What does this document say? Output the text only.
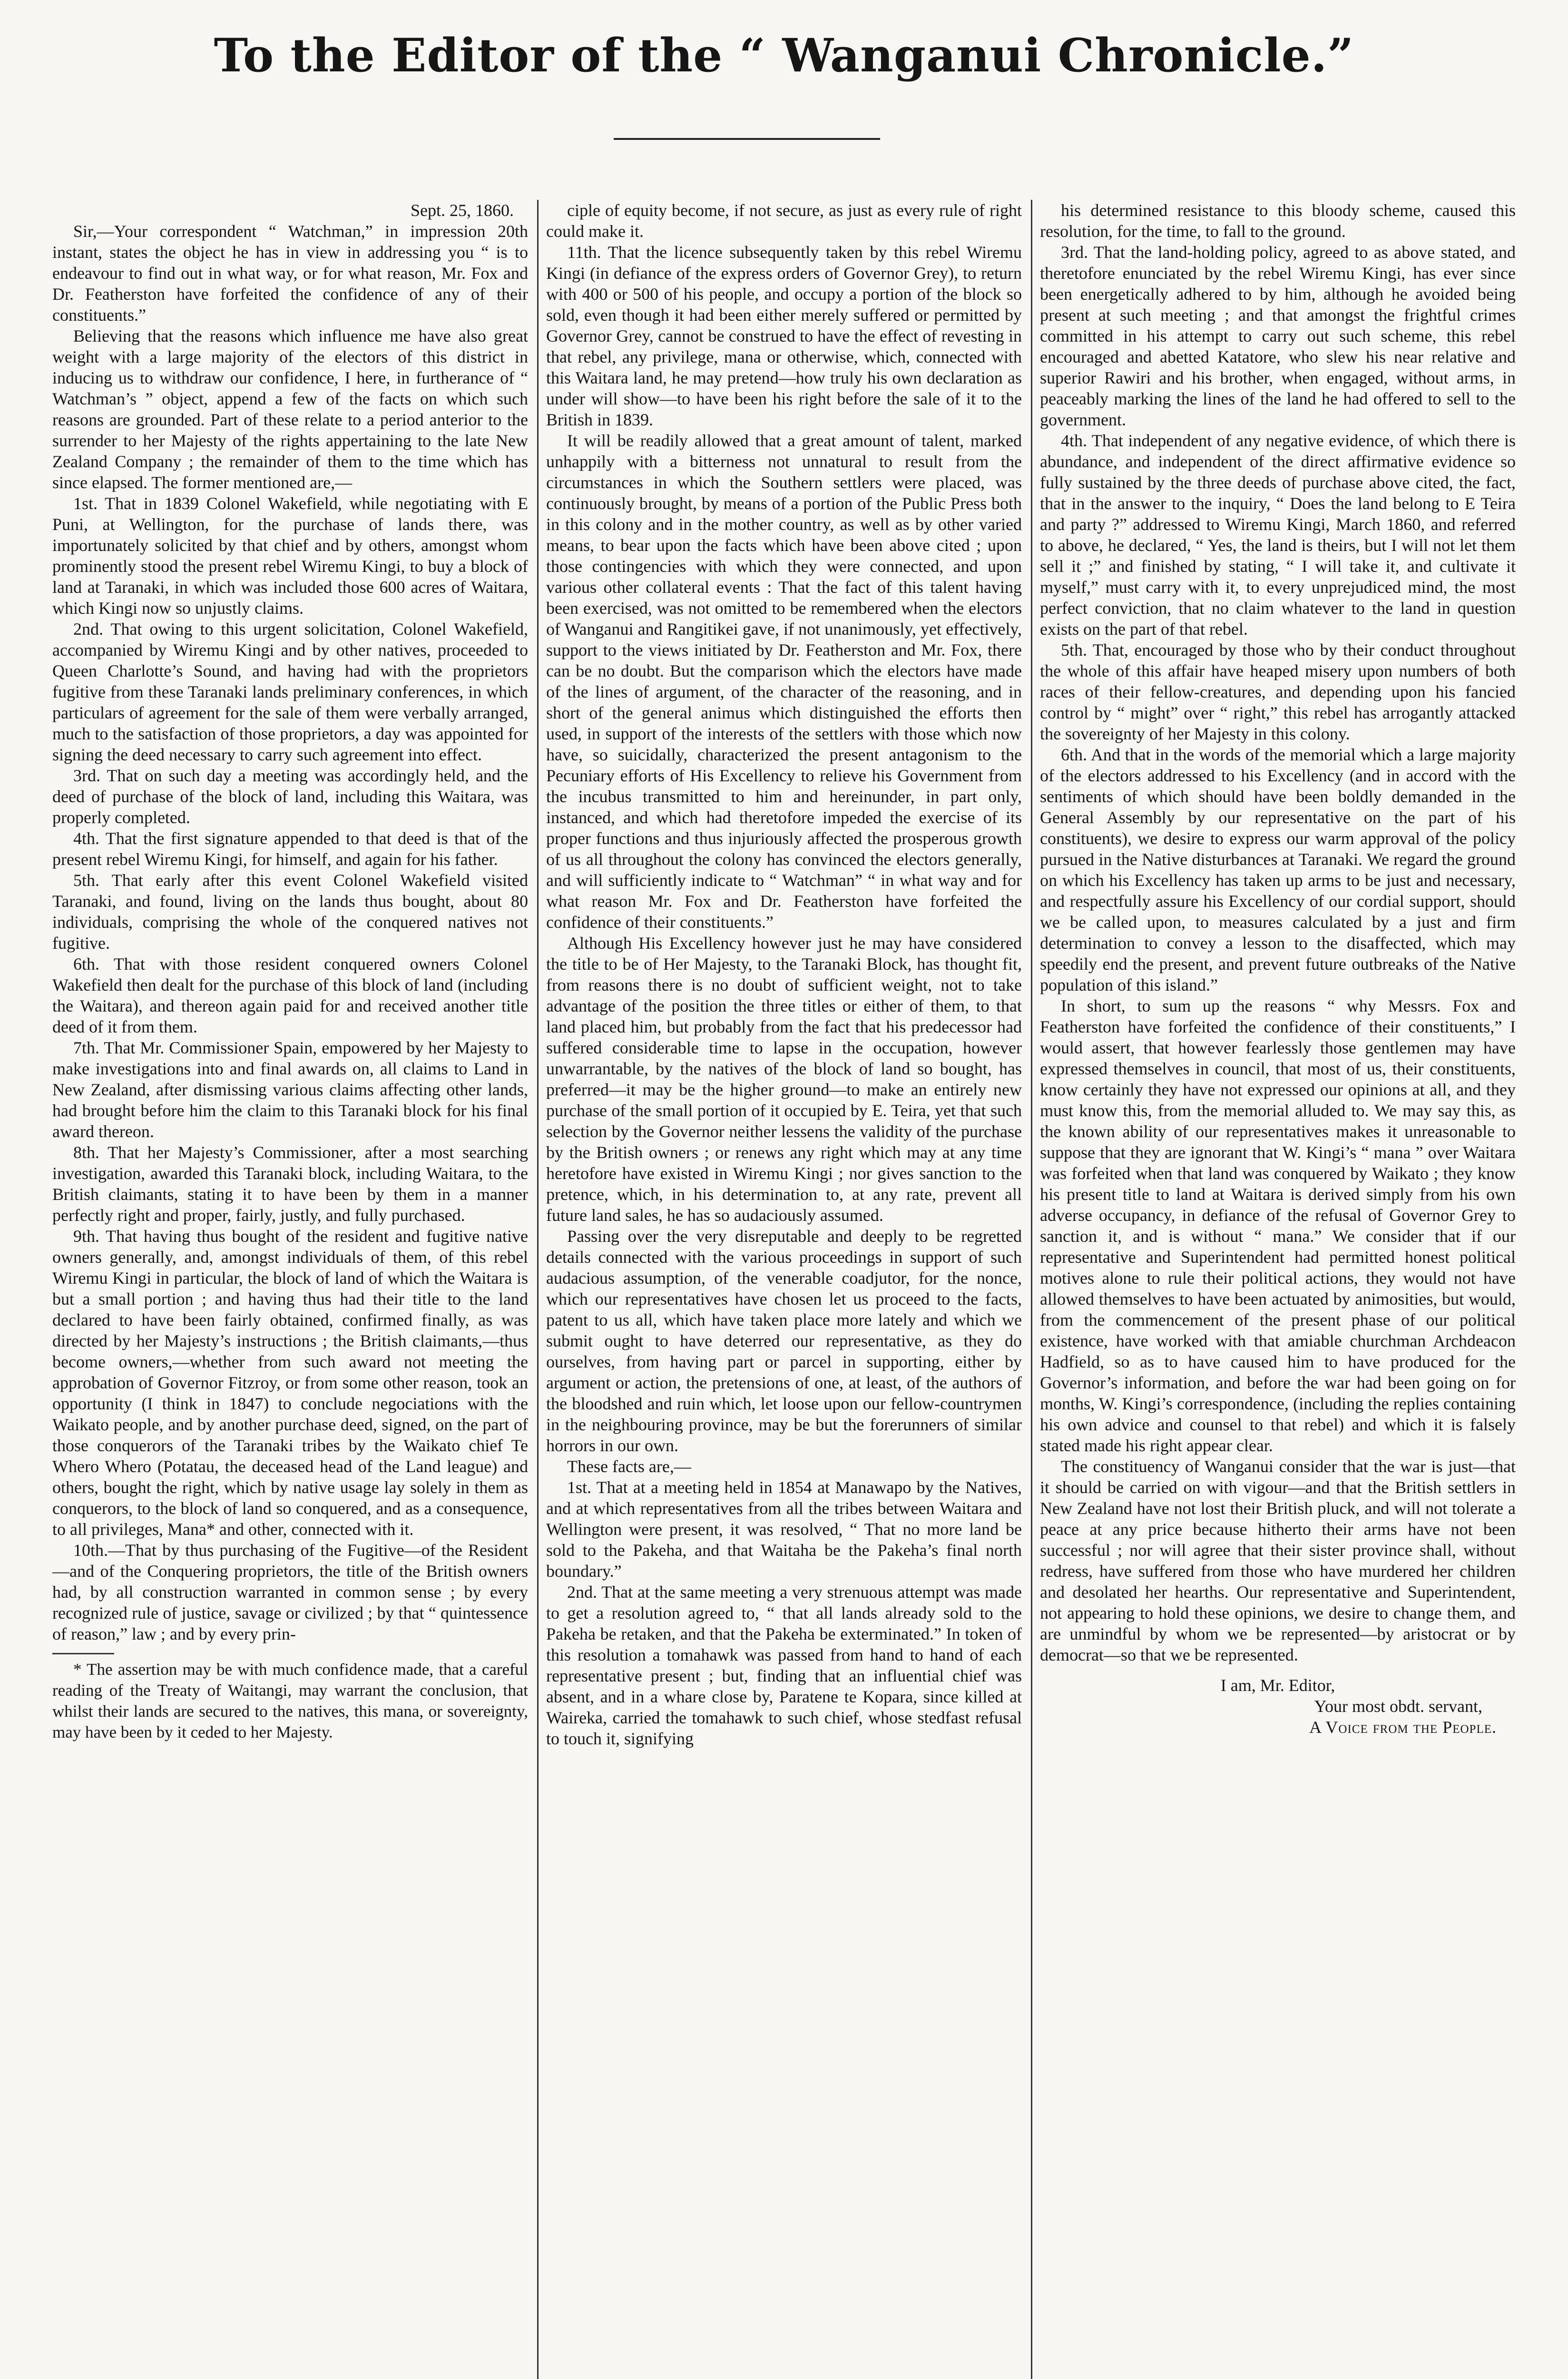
To the Editor of the “ Wanganui Chronicle.”

Sept. 25, 1860.

Sir,—Your correspondent “ Watchman,” in impression 20th instant, states the object he has in view in addressing you “ is to endeavour to find out in what way, or for what reason, Mr. Fox and Dr. Featherston have forfeited the confidence of any of their constituents.”

Believing that the reasons which influence me have also great weight with a large majority of the electors of this district in inducing us to withdraw our confidence, I here, in furtherance of “ Watchman’s ” object, append a few of the facts on which such reasons are grounded. Part of these relate to a period anterior to the surrender to her Majesty of the rights appertaining to the late New Zealand Company ; the remainder of them to the time which has since elapsed. The former mentioned are,—

1st. That in 1839 Colonel Wakefield, while negotiating with E Puni, at Wellington, for the purchase of lands there, was importunately solicited by that chief and by others, amongst whom prominently stood the present rebel Wiremu Kingi, to buy a block of land at Taranaki, in which was included those 600 acres of Waitara, which Kingi now so unjustly claims.

2nd. That owing to this urgent solicitation, Colonel Wakefield, accompanied by Wiremu Kingi and by other natives, proceeded to Queen Charlotte’s Sound, and having had with the proprietors fugitive from these Taranaki lands preliminary conferences, in which particulars of agreement for the sale of them were verbally arranged, much to the satisfaction of those proprietors, a day was appointed for signing the deed necessary to carry such agreement into effect.

3rd. That on such day a meeting was accordingly held, and the deed of purchase of the block of land, including this Waitara, was properly completed.

4th. That the first signature appended to that deed is that of the present rebel Wiremu Kingi, for himself, and again for his father.

5th. That early after this event Colonel Wakefield visited Taranaki, and found, living on the lands thus bought, about 80 individuals, comprising the whole of the conquered natives not fugitive.

6th. That with those resident conquered owners Colonel Wakefield then dealt for the purchase of this block of land (including the Waitara), and thereon again paid for and received another title deed of it from them.

7th. That Mr. Commissioner Spain, empowered by her Majesty to make investigations into and final awards on, all claims to Land in New Zealand, after dismissing various claims affecting other lands, had brought before him the claim to this Taranaki block for his final award thereon.

8th. That her Majesty’s Commissioner, after a most searching investigation, awarded this Taranaki block, including Waitara, to the British claimants, stating it to have been by them in a manner perfectly right and proper, fairly, justly, and fully purchased.

9th. That having thus bought of the resident and fugitive native owners generally, and, amongst individuals of them, of this rebel Wiremu Kingi in particular, the block of land of which the Waitara is but a small portion ; and having thus had their title to the land declared to have been fairly obtained, confirmed finally, as was directed by her Majesty’s instructions ; the British claimants,—thus become owners,—whether from such award not meeting the approbation of Governor Fitzroy, or from some other reason, took an opportunity (I think in 1847) to conclude negociations with the Waikato people, and by another purchase deed, signed, on the part of those conquerors of the Taranaki tribes by the Waikato chief Te Whero Whero (Potatau, the deceased head of the Land league) and others, bought the right, which by native usage lay solely in them as conquerors, to the block of land so conquered, and as a consequence, to all privileges, Mana* and other, connected with it.

10th.—That by thus purchasing of the Fugitive—of the Resident—and of the Conquering proprietors, the title of the British owners had, by all construction warranted in common sense ; by every recognized rule of justice, savage or civilized ; by that “ quintessence of reason,” law ; and by every prin-

* The assertion may be with much confidence made, that a careful reading of the Treaty of Waitangi, may warrant the conclusion, that whilst their lands are secured to the natives, this mana, or sovereignty, may have been by it ceded to her Majesty.

ciple of equity become, if not secure, as just as every rule of right could make it.

11th. That the licence subsequently taken by this rebel Wiremu Kingi (in defiance of the express orders of Governor Grey), to return with 400 or 500 of his people, and occupy a portion of the block so sold, even though it had been either merely suffered or permitted by Governor Grey, cannot be construed to have the effect of revesting in that rebel, any privilege, mana or otherwise, which, connected with this Waitara land, he may pretend—how truly his own declaration as under will show—to have been his right before the sale of it to the British in 1839.

It will be readily allowed that a great amount of talent, marked unhappily with a bitterness not unnatural to result from the circumstances in which the Southern settlers were placed, was continuously brought, by means of a portion of the Public Press both in this colony and in the mother country, as well as by other varied means, to bear upon the facts which have been above cited ; upon those contingencies with which they were connected, and upon various other collateral events : That the fact of this talent having been exercised, was not omitted to be remembered when the electors of Wanganui and Rangitikei gave, if not unanimously, yet effectively, support to the views initiated by Dr. Featherston and Mr. Fox, there can be no doubt. But the comparison which the electors have made of the lines of argument, of the character of the reasoning, and in short of the general animus which distinguished the efforts then used, in support of the interests of the settlers with those which now have, so suicidally, characterized the present antagonism to the Pecuniary efforts of His Excellency to relieve his Government from the incubus transmitted to him and hereinunder, in part only, instanced, and which had theretofore impeded the exercise of its proper functions and thus injuriously affected the prosperous growth of us all throughout the colony has convinced the electors generally, and will sufficiently indicate to “ Watchman” “ in what way and for what reason Mr. Fox and Dr. Featherston have forfeited the confidence of their constituents.”

Although His Excellency however just he may have considered the title to be of Her Majesty, to the Taranaki Block, has thought fit, from reasons there is no doubt of sufficient weight, not to take advantage of the position the three titles or either of them, to that land placed him, but probably from the fact that his predecessor had suffered considerable time to lapse in the occupation, however unwarrantable, by the natives of the block of land so bought, has preferred—it may be the higher ground—to make an entirely new purchase of the small portion of it occupied by E. Teira, yet that such selection by the Governor neither lessens the validity of the purchase by the British owners ; or renews any right which may at any time heretofore have existed in Wiremu Kingi ; nor gives sanction to the pretence, which, in his determination to, at any rate, prevent all future land sales, he has so audaciously assumed.

Passing over the very disreputable and deeply to be regretted details connected with the various proceedings in support of such audacious assumption, of the venerable coadjutor, for the nonce, which our representatives have chosen let us proceed to the facts, patent to us all, which have taken place more lately and which we submit ought to have deterred our representative, as they do ourselves, from having part or parcel in supporting, either by argument or action, the pretensions of one, at least, of the authors of the bloodshed and ruin which, let loose upon our fellow-countrymen in the neighbouring province, may be but the forerunners of similar horrors in our own.

These facts are,—

1st. That at a meeting held in 1854 at Manawapo by the Natives, and at which representatives from all the tribes between Waitara and Wellington were present, it was resolved, “ That no more land be sold to the Pakeha, and that Waitaha be the Pakeha’s final north boundary.”

2nd. That at the same meeting a very strenuous attempt was made to get a resolution agreed to, “ that all lands already sold to the Pakeha be retaken, and that the Pakeha be exterminated.” In token of this resolution a tomahawk was passed from hand to hand of each representative present ; but, finding that an influential chief was absent, and in a whare close by, Paratene te Kopara, since killed at Waireka, carried the tomahawk to such chief, whose stedfast refusal to touch it, signifying

his determined resistance to this bloody scheme, caused this resolution, for the time, to fall to the ground.

3rd. That the land-holding policy, agreed to as above stated, and theretofore enunciated by the rebel Wiremu Kingi, has ever since been energetically adhered to by him, although he avoided being present at such meeting ; and that amongst the frightful crimes committed in his attempt to carry out such scheme, this rebel encouraged and abetted Katatore, who slew his near relative and superior Rawiri and his brother, when engaged, without arms, in peaceably marking the lines of the land he had offered to sell to the government.

4th. That independent of any negative evidence, of which there is abundance, and independent of the direct affirmative evidence so fully sustained by the three deeds of purchase above cited, the fact, that in the answer to the inquiry, “ Does the land belong to E Teira and party ?” addressed to Wiremu Kingi, March 1860, and referred to above, he declared, “ Yes, the land is theirs, but I will not let them sell it ;” and finished by stating, “ I will take it, and cultivate it myself,” must carry with it, to every unprejudiced mind, the most perfect conviction, that no claim whatever to the land in question exists on the part of that rebel.

5th. That, encouraged by those who by their conduct throughout the whole of this affair have heaped misery upon numbers of both races of their fellow-creatures, and depending upon his fancied control by “ might” over “ right,” this rebel has arrogantly attacked the sovereignty of her Majesty in this colony.

6th. And that in the words of the memorial which a large majority of the electors addressed to his Excellency (and in accord with the sentiments of which should have been boldly demanded in the General Assembly by our representative on the part of his constituents), we desire to express our warm approval of the policy pursued in the Native disturbances at Taranaki. We regard the ground on which his Excellency has taken up arms to be just and necessary, and respectfully assure his Excellency of our cordial support, should we be called upon, to measures calculated by a just and firm determination to convey a lesson to the disaffected, which may speedily end the present, and prevent future outbreaks of the Native population of this island.”

In short, to sum up the reasons “ why Messrs. Fox and Featherston have forfeited the confidence of their constituents,” I would assert, that however fearlessly those gentlemen may have expressed themselves in council, that most of us, their constituents, know certainly they have not expressed our opinions at all, and they must know this, from the memorial alluded to. We may say this, as the known ability of our representatives makes it unreasonable to suppose that they are ignorant that W. Kingi’s “ mana ” over Waitara was forfeited when that land was conquered by Waikato ; they know his present title to land at Waitara is derived simply from his own adverse occupancy, in defiance of the refusal of Governor Grey to sanction it, and is without “ mana.” We consider that if our representative and Superintendent had permitted honest political motives alone to rule their political actions, they would not have allowed themselves to have been actuated by animosities, but would, from the commencement of the present phase of our political existence, have worked with that amiable churchman Archdeacon Hadfield, so as to have caused him to have produced for the Governor’s information, and before the war had been going on for months, W. Kingi’s correspondence, (including the replies containing his own advice and counsel to that rebel) and which it is falsely stated made his right appear clear.

The constituency of Wanganui consider that the war is just—that it should be carried on with vigour—and that the British settlers in New Zealand have not lost their British pluck, and will not tolerate a peace at any price because hitherto their arms have not been successful ; nor will agree that their sister province shall, without redress, have suffered from those who have murdered her children and desolated her hearths. Our representative and Superintendent, not appearing to hold these opinions, we desire to change them, and are unmindful by whom we be represented—by aristocrat or by democrat—so that we be represented.

I am, Mr. Editor,

Your most obdt. servant,

A Voice from the People.
